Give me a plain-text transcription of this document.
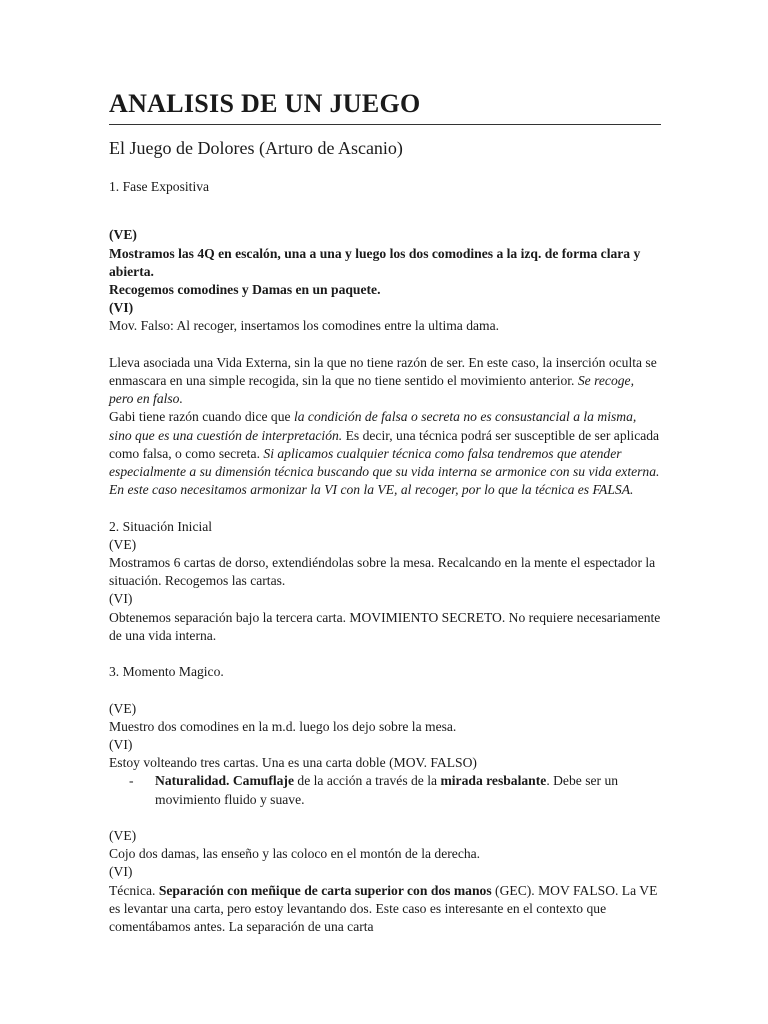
ANALISIS DE UN JUEGO

El Juego de Dolores (Arturo de Ascanio)

1. Fase Expositiva

(VE)

Mostramos las 4Q en escalón, una a una y luego los dos comodines a la izq. de forma clara y abierta.

Recogemos comodines y Damas en un paquete.

(VI)

Mov. Falso: Al recoger, insertamos los comodines entre la ultima dama.

Lleva asociada una Vida Externa, sin la que no tiene razón de ser. En este caso, la inserción oculta se enmascara en una simple recogida, sin la que no tiene sentido el movimiento anterior. Se recoge, pero en falso.

Gabi tiene razón cuando dice que la condición de falsa o secreta no es consustancial a la misma, sino que es una cuestión de interpretación. Es decir, una técnica podrá ser susceptible de ser aplicada como falsa, o como secreta. Si aplicamos cualquier técnica como falsa tendremos que atender especialmente a su dimensión técnica buscando que su vida interna se armonice con su vida externa.

En este caso necesitamos armonizar la VI con la VE, al recoger, por lo que la técnica es FALSA.

2. Situación Inicial

(VE)

Mostramos 6 cartas de dorso, extendiéndolas sobre la mesa. Recalcando en la mente el espectador la situación. Recogemos las cartas.

(VI)

Obtenemos separación bajo la tercera carta. MOVIMIENTO SECRETO. No requiere necesariamente de una vida interna.

3. Momento Magico.

(VE)

Muestro dos comodines en la m.d. luego los dejo sobre la mesa.

(VI)

Estoy volteando tres cartas. Una es una carta doble (MOV. FALSO)

- Naturalidad. Camuflaje de la acción a través de la mirada resbalante. Debe ser un movimiento fluido y suave.

(VE)

Cojo dos damas, las enseño y las coloco en el montón de la derecha.

(VI)

Técnica. Separación con meñique de carta superior con dos manos (GEC). MOV FALSO. La VE es levantar una carta, pero estoy levantando dos. Este caso es interesante en el contexto que comentábamos antes. La separación de una carta
